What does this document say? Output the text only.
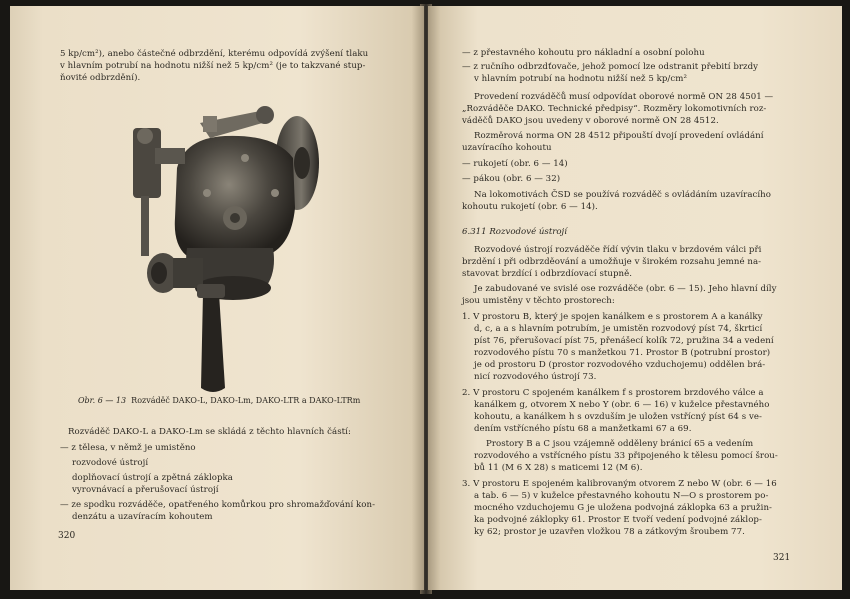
5 kp/cm²), anebo částečné odbrzdění, kterému odpovídá zvýšení tlaku
v hlavním potrubí na hodnotu nižší než 5 kp/cm² (je to takzvané stup-
ňovité odbrzdění).
Obr. 6 — 13 Rozváděč DAKO-L, DAKO-Lm, DAKO-LTR a DAKO-LTRm
Rozváděč DAKO-L a DAKO-Lm se skládá z těchto hlavních částí:
— z tělesa, v němž je umistěno
rozvodové ústrojí
doplňovací ústrojí a zpětná záklopka
vyrovnávací a přerušovací ústrojí
— ze spodku rozváděče, opatřeného komůrkou pro shromažďování kon-
denzátu a uzavíracím kohoutem
320
— z přestavného kohoutu pro nákladní a osobní polohu
— z ručního odbrzdťovače, jehož pomocí lze odstranit přebití brzdy
v hlavním potrubí na hodnotu nižší než 5 kp/cm²
Provedení rozváděčů musí odpovídat oborové normě ON 28 4501 —
„Rozváděče DAKO. Technické předpisy“. Rozměry lokomotivních roz-
váděčů DAKO jsou uvedeny v oborové normě ON 28 4512.
Rozměrová norma ON 28 4512 připouští dvojí provedení ovládání
uzavíracího kohoutu
— rukojetí (obr. 6 — 14)
— pákou (obr. 6 — 32)
Na lokomotivách ČSD se používá rozváděč s ovládáním uzavíracího
kohoutu rukojetí (obr. 6 — 14).
6.311 Rozvodové ústrojí
Rozvodové ústrojí rozváděče řídí vývin tlaku v brzdovém válci při
brzdění i při odbrzděování a umožňuje v širokém rozsahu jemné na-
stavovat brzdící i odbrzdíovací stupně.
Je zabudované ve svislé ose rozváděče (obr. 6 — 15). Jeho hlavní díly
jsou umistěny v těchto prostorech:
1. V prostoru B, který je spojen kanálkem e s prostorem A a kanálky
d, c, a a s hlavním potrubím, je umistěn rozvodový píst 74, škrticí
píst 76, přerušovací píst 75, přenášecí kolík 72, pružina 34 a vedení
rozvodového pístu 70 s manžetkou 71. Prostor B (potrubní prostor)
je od prostoru D (prostor rozvodového vzduchojemu) oddělen brá-
nicí rozvodového ústrojí 73.
2. V prostoru C spojeném kanálkem f s prostorem brzdového válce a
kanálkem g, otvorem X nebo Y (obr. 6 — 16) v kuželce přestavného
kohoutu, a kanálkem h s ovzduším je uložen vstřícný píst 64 s ve-
dením vstřícného pístu 68 a manžetkami 67 a 69.
Prostory B a C jsou vzájemně odděleny bránicí 65 a vedením
rozvodového a vstřícného pístu 33 připojeného k tělesu pomocí šrou-
bů 11 (M 6 X 28) s maticemi 12 (M 6).
3. V prostoru E spojeném kalibrovaným otvorem Z nebo W (obr. 6 — 16
a tab. 6 — 5) v kuželce přestavného kohoutu N—O s prostorem po-
mocného vzduchojemu G je uložena podvojná záklopka 63 a pružin-
ka podvojné záklopky 61. Prostor E tvoří vedení podvojné záklop-
ky 62; prostor je uzavřen vložkou 78 a zátkovým šroubem 77.
321
